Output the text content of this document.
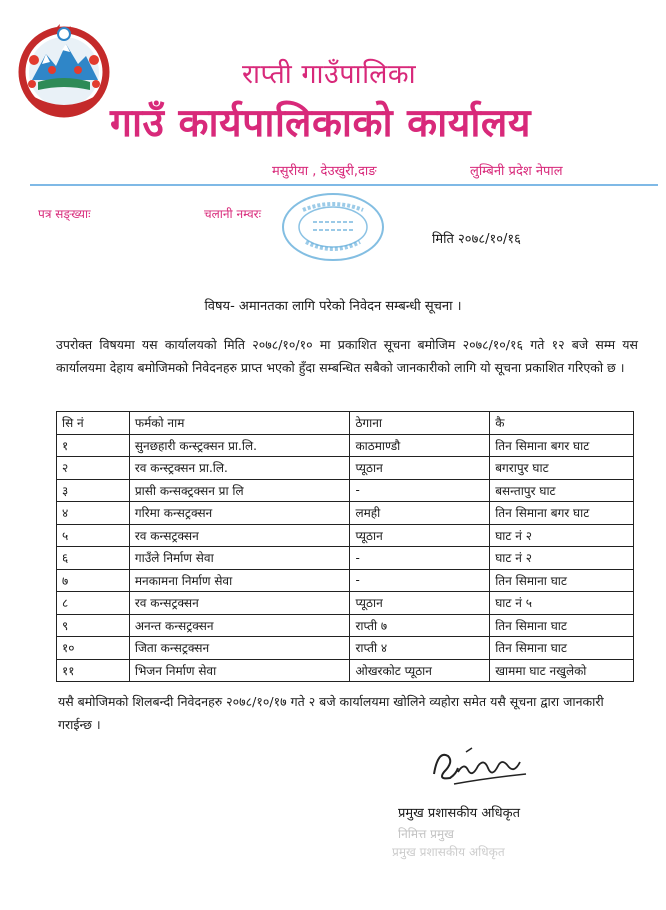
राप्ती गाउँपालिका
गाउँ कार्यपालिकाको कार्यालय
मसुरीया , देउखुरी,दाङ	लुम्बिनी प्रदेश नेपाल
पत्र सङ्ख्याः	चलानी नम्वरः
मिति २०७८/१०/१६
विषय- अमानतका लागि परेको निवेदन सम्बन्धी सूचना ।
उपरोक्त विषयमा यस कार्यालयको मिति २०७८/१०/१० मा प्रकाशित सूचना बमोजिम २०७८/१०/१६ गते १२ बजे सम्म यस कार्यालयमा देहाय बमोजिमको निवेदनहरु प्राप्त भएको हुँदा सम्बन्धित सबैको जानकारीको लागि यो सूचना प्रकाशित गरिएको छ ।
सि नं	फर्मको नाम	ठेगाना	कै
१	सुनछहारी कन्स्ट्रक्सन प्रा.लि.	काठमाण्डौ	तिन सिमाना बगर घाट
२	रव कन्स्ट्रक्सन प्रा.लि.	प्यूठान	बगरापुर घाट
३	प्रासी कन्सक्ट्रक्सन प्रा लि	-	बसन्तापुर घाट
४	गरिमा कन्सट्रक्सन	लमही	तिन सिमाना बगर घाट
५	रव कन्सट्रक्सन	प्यूठान	घाट नं २
६	गाउँले निर्माण सेवा	-	घाट नं २
७	मनकामना निर्माण सेवा	-	तिन सिमाना घाट
८	रव कन्सट्रक्सन	प्यूठान	घाट नं ५
९	अनन्त कन्सट्रक्सन	राप्ती ७	तिन सिमाना घाट
१०	जिता कन्सट्रक्सन	राप्ती ४	तिन सिमाना घाट
११	भिजन निर्माण सेवा	ओखरकोट प्यूठान	खाममा घाट नखुलेको
यसै बमोजिमको शिलबन्दी निवेदनहरु २०७८/१०/१७ गते २ बजे कार्यालयमा खोलिने व्यहोरा समेत यसै सूचना द्वारा जानकारी गराईन्छ ।
प्रमुख प्रशासकीय अधिकृत
निमित्त प्रमुख
प्रमुख प्रशासकीय अधिकृत
